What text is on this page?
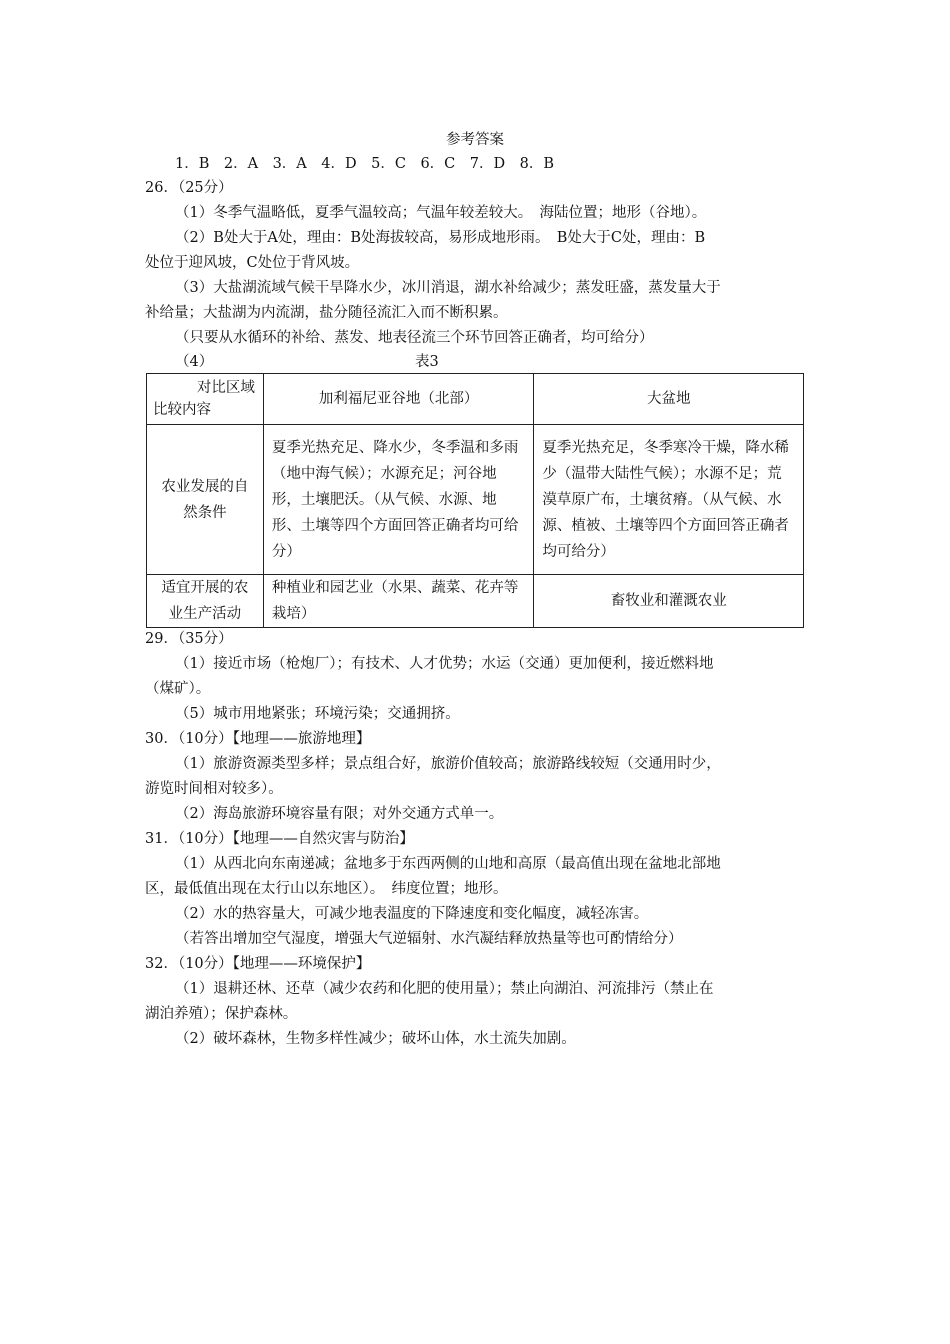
参考答案
1．B　2．A　3．A　4．D　5．C　6．C　7．D　8．B
26．（25分）
（1）冬季气温略低，夏季气温较高；气温年较差较大。　海陆位置；地形（谷地）。
（2）B处大于A处，理由：B处海拔较高，易形成地形雨。　B处大于C处，理由：B
处位于迎风坡，C处位于背风坡。
（3）大盐湖流域气候干旱降水少，冰川消退，湖水补给减少；蒸发旺盛，蒸发量大于
补给量；大盐湖为内流湖，盐分随径流汇入而不断积累。
（只要从水循环的补给、蒸发、地表径流三个环节回答正确者，均可给分）
（4）	表3
对比区域
比较内容	加利福尼亚谷地（北部）	大盆地
农业发展的自然条件	夏季光热充足、降水少，冬季温和多雨（地中海气候）；水源充足；河谷地形，土壤肥沃。（从气候、水源、地形、土壤等四个方面回答正确者均可给分）	夏季光热充足，冬季寒冷干燥，降水稀少（温带大陆性气候）；水源不足；荒漠草原广布，土壤贫瘠。（从气候、水源、植被、土壤等四个方面回答正确者均可给分）
适宜开展的农业生产活动	种植业和园艺业（水果、蔬菜、花卉等栽培）	畜牧业和灌溉农业
29．（35分）
（1）接近市场（枪炮厂）；有技术、人才优势；水运（交通）更加便利，接近燃料地
（煤矿）。
（5）城市用地紧张；环境污染；交通拥挤。
30．（10分）【地理——旅游地理】
（1）旅游资源类型多样；景点组合好，旅游价值较高；旅游路线较短（交通用时少，
游览时间相对较多）。
（2）海岛旅游环境容量有限；对外交通方式单一。
31．（10分）【地理——自然灾害与防治】
（1）从西北向东南递减；盆地多于东西两侧的山地和高原（最高值出现在盆地北部地
区，最低值出现在太行山以东地区）。　纬度位置；地形。
（2）水的热容量大，可减少地表温度的下降速度和变化幅度，减轻冻害。
（若答出增加空气湿度，增强大气逆辐射、水汽凝结释放热量等也可酌情给分）
32．（10分）【地理——环境保护】
（1）退耕还林、还草（减少农药和化肥的使用量）；禁止向湖泊、河流排污（禁止在
湖泊养殖）；保护森林。
（2）破坏森林，生物多样性减少；破坏山体，水土流失加剧。
